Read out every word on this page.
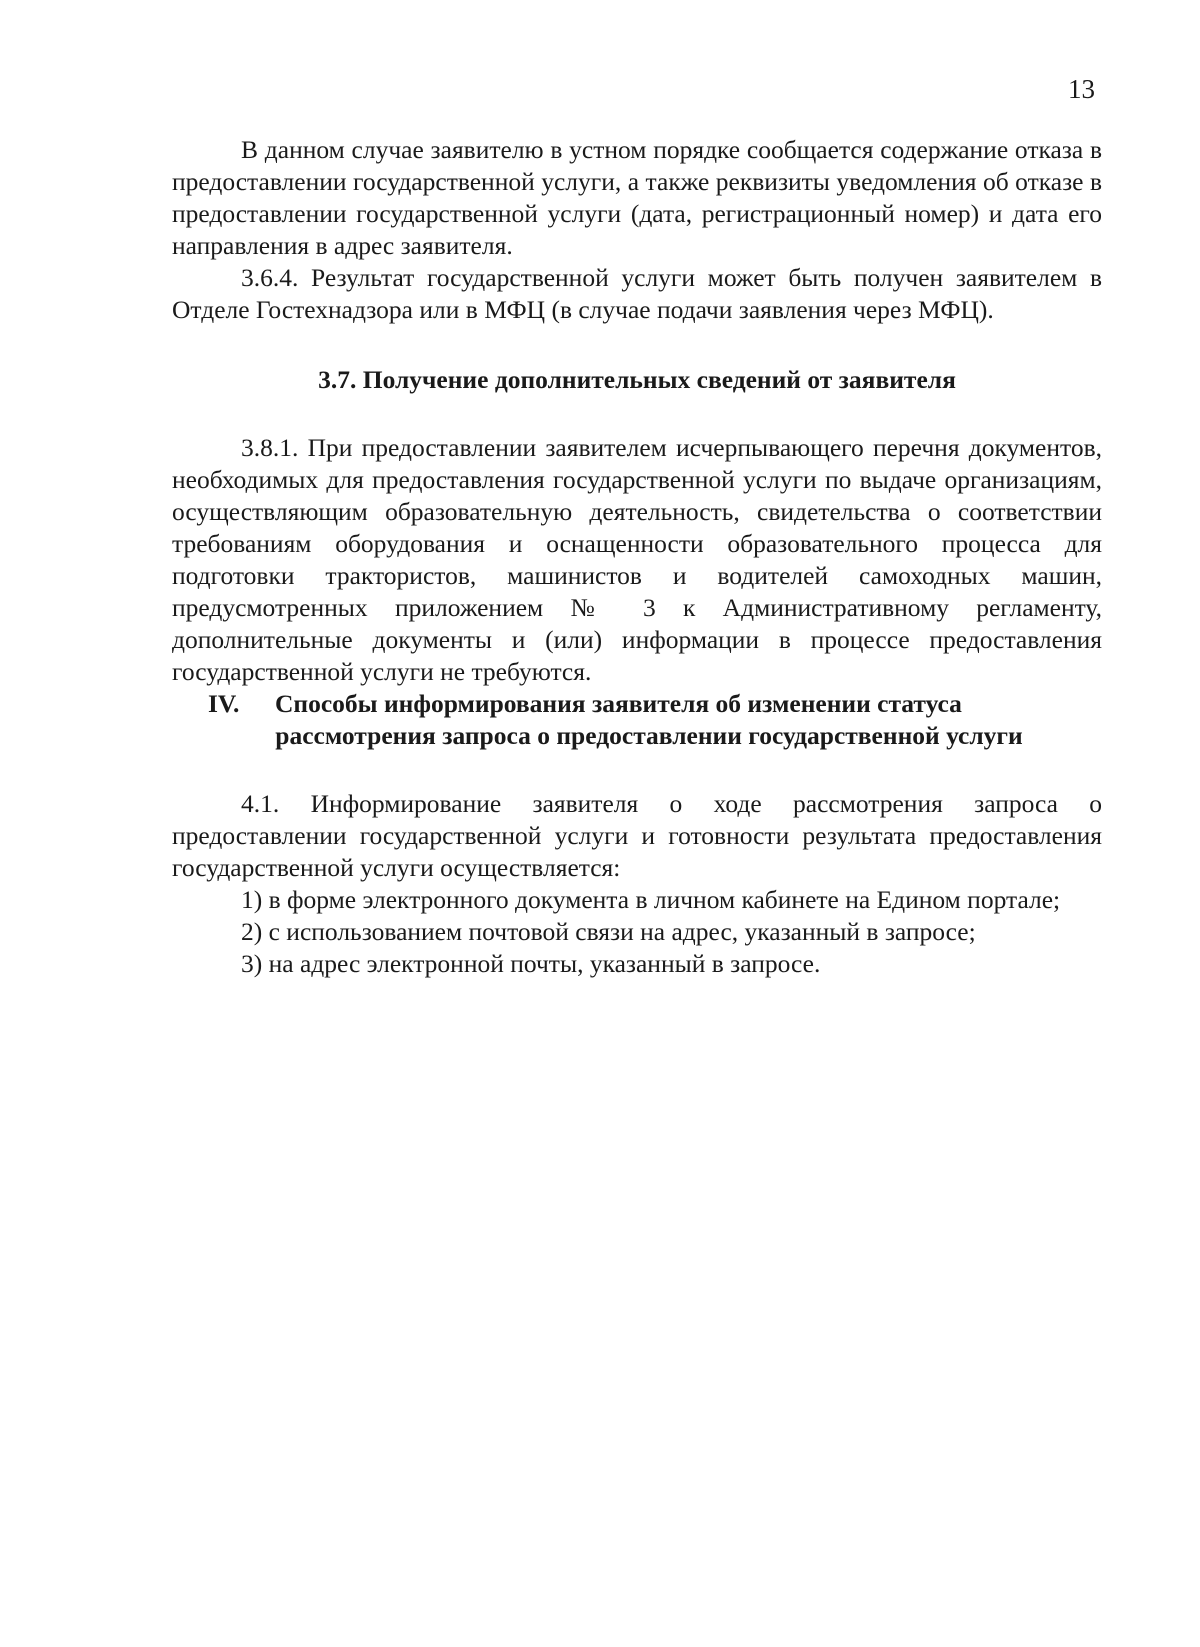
13

В данном случае заявителю в устном порядке сообщается содержание отказа в предоставлении государственной услуги, а также реквизиты уведомления об отказе в предоставлении государственной услуги (дата, регистрационный номер) и дата его направления в адрес заявителя.

3.6.4. Результат государственной услуги может быть получен заявителем в Отделе Гостехнадзора или в МФЦ (в случае подачи заявления через МФЦ).

3.7. Получение дополнительных сведений от заявителя

3.8.1. При предоставлении заявителем исчерпывающего перечня документов, необходимых для предоставления государственной услуги по выдаче организациям, осуществляющим образовательную деятельность, свидетельства о соответствии требованиям оборудования и оснащенности образовательного процесса для подготовки трактористов, машинистов и водителей самоходных машин, предусмотренных приложением № 3 к Административному регламенту, дополнительные документы и (или) информации в процессе предоставления государственной услуги не требуются.

IV.	Способы информирования заявителя об изменении статуса
рассмотрения запроса о предоставлении государственной услуги

4.1. Информирование заявителя о ходе рассмотрения запроса о предоставлении государственной услуги и готовности результата предоставления государственной услуги осуществляется:

1) в форме электронного документа в личном кабинете на Едином портале;

2) с использованием почтовой связи на адрес, указанный в запросе;

3) на адрес электронной почты, указанный в запросе.
